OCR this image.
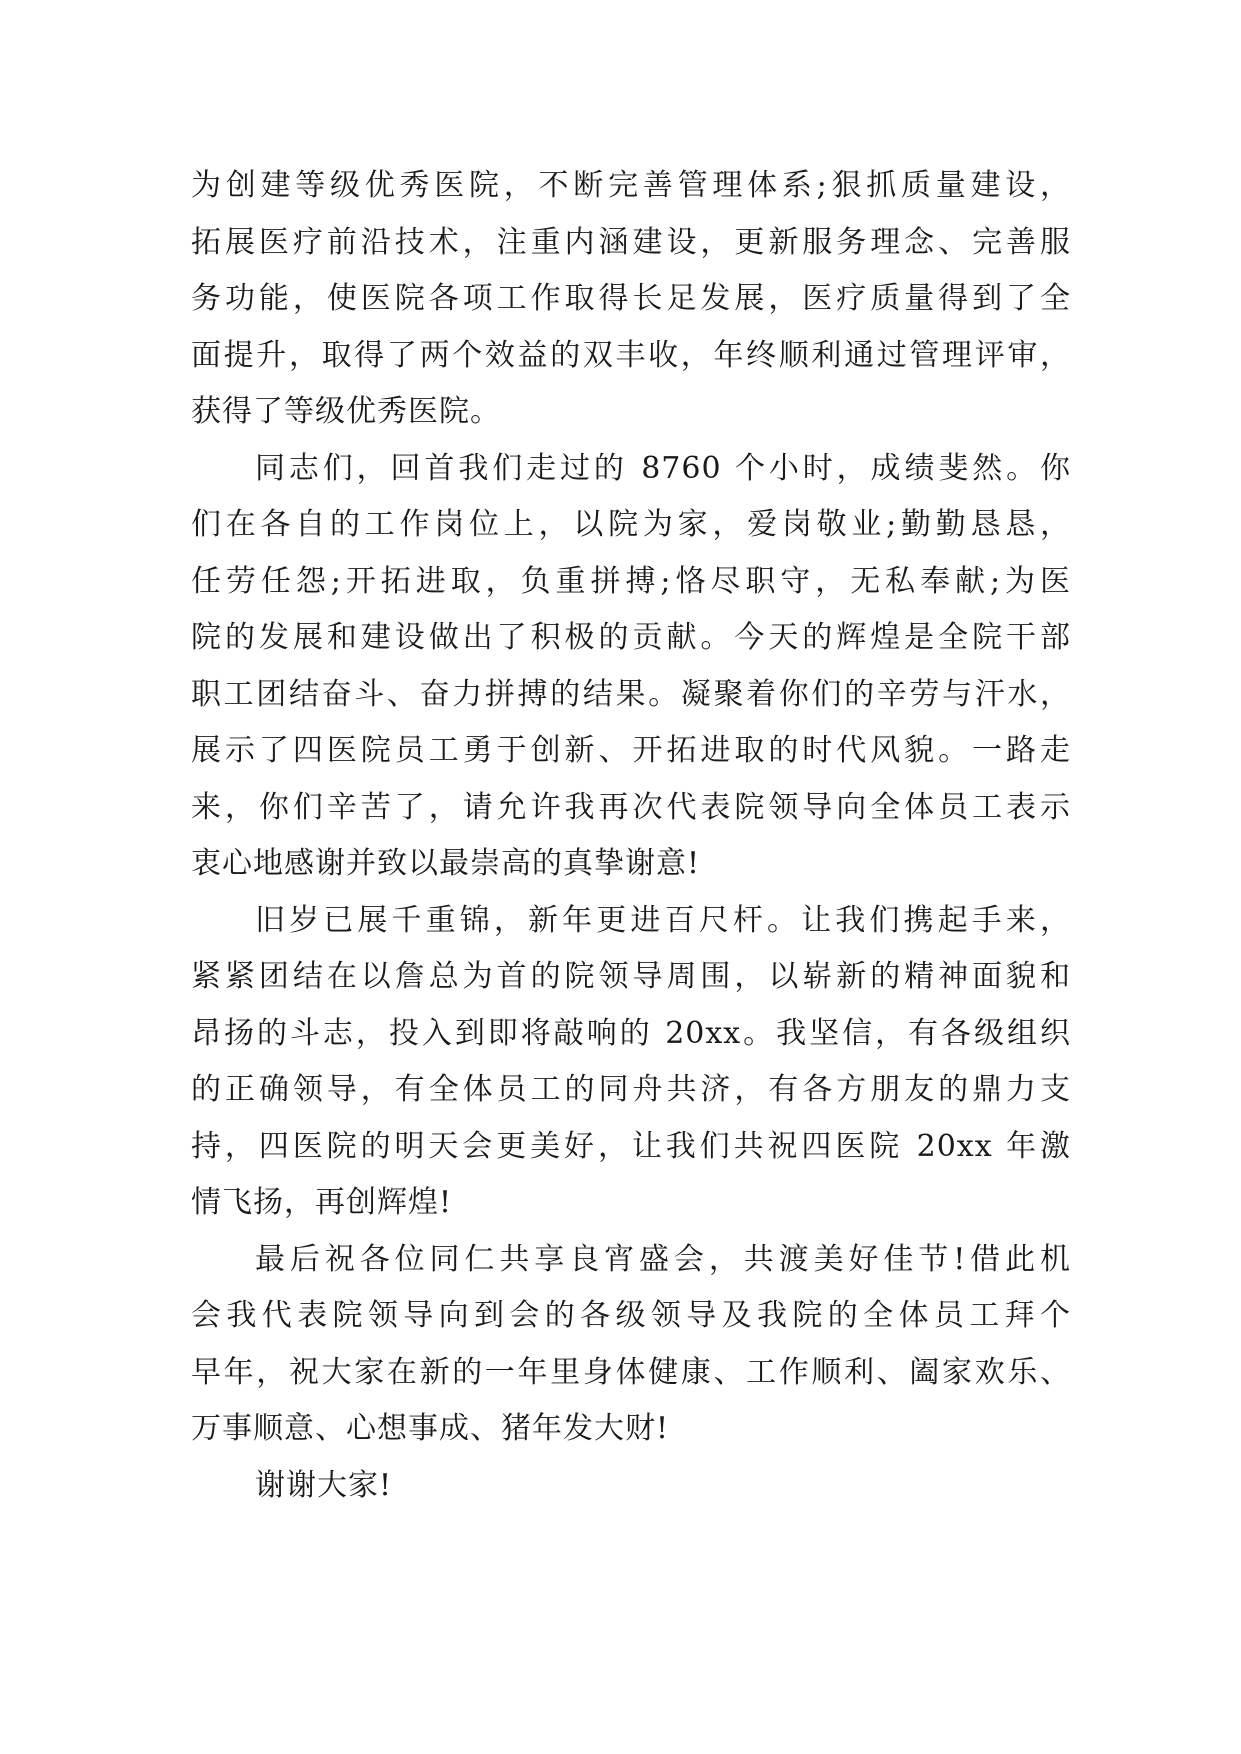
为创建等级优秀医院，不断完善管理体系;狠抓质量建设，
拓展医疗前沿技术，注重内涵建设，更新服务理念、完善服
务功能，使医院各项工作取得长足发展，医疗质量得到了全
面提升，取得了两个效益的双丰收，年终顺利通过管理评审，
获得了等级优秀医院。
同志们，回首我们走过的 8760 个小时，成绩斐然。你
们在各自的工作岗位上，以院为家，爱岗敬业;勤勤恳恳，
任劳任怨;开拓进取，负重拼搏;恪尽职守，无私奉献;为医
院的发展和建设做出了积极的贡献。今天的辉煌是全院干部
职工团结奋斗、奋力拼搏的结果。凝聚着你们的辛劳与汗水，
展示了四医院员工勇于创新、开拓进取的时代风貌。一路走
来，你们辛苦了，请允许我再次代表院领导向全体员工表示
衷心地感谢并致以最崇高的真挚谢意!
旧岁已展千重锦，新年更进百尺杆。让我们携起手来，
紧紧团结在以詹总为首的院领导周围，以崭新的精神面貌和
昂扬的斗志，投入到即将敲响的 20xx。我坚信，有各级组织
的正确领导，有全体员工的同舟共济，有各方朋友的鼎力支
持，四医院的明天会更美好，让我们共祝四医院 20xx 年激
情飞扬，再创辉煌!
最后祝各位同仁共享良宵盛会，共渡美好佳节!借此机
会我代表院领导向到会的各级领导及我院的全体员工拜个
早年，祝大家在新的一年里身体健康、工作顺利、阖家欢乐、
万事顺意、心想事成、猪年发大财!
谢谢大家!
